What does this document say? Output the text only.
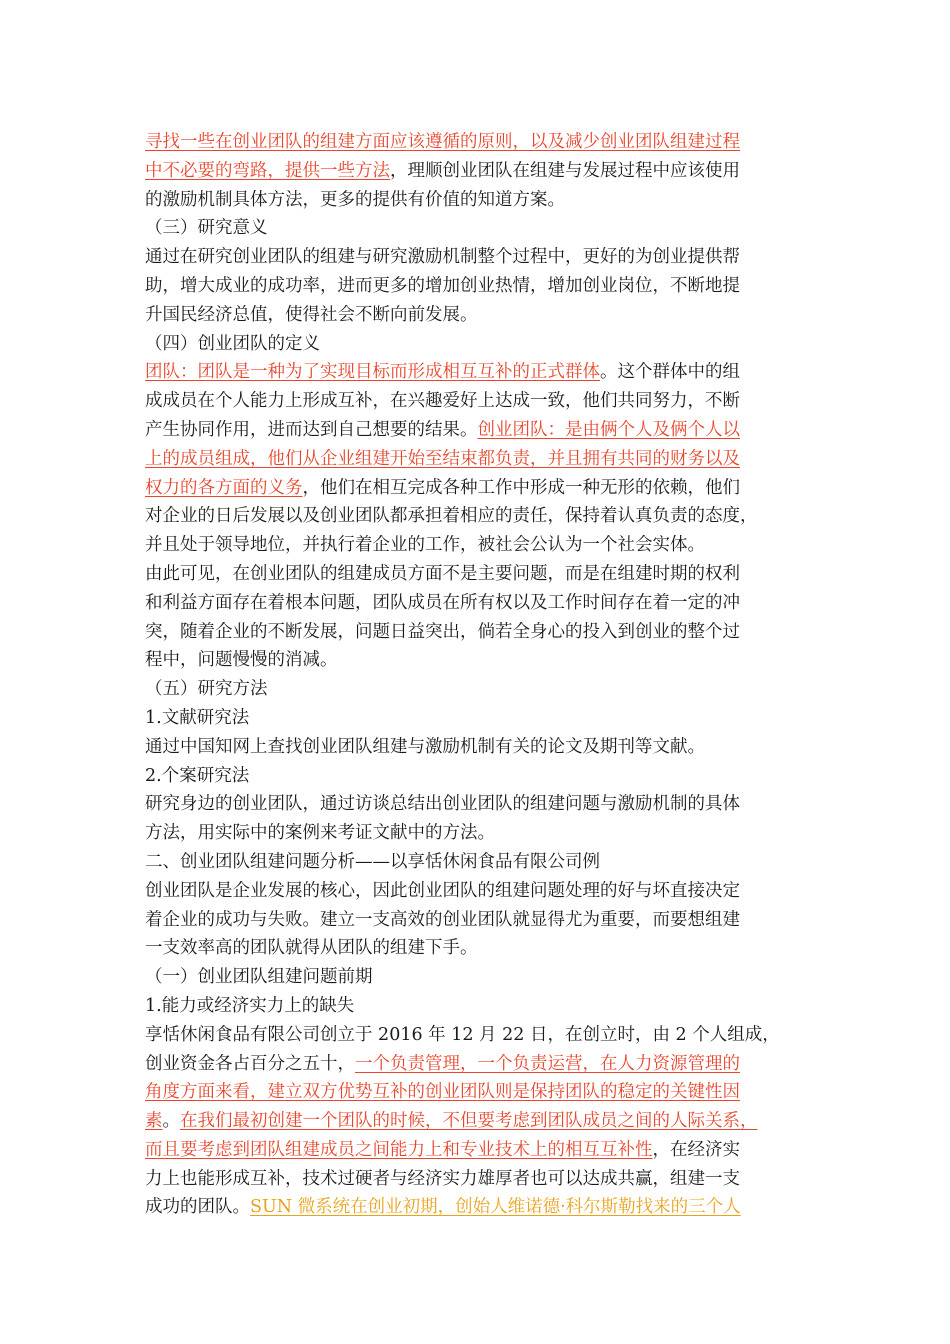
寻找一些在创业团队的组建方面应该遵循的原则，以及减少创业团队组建过程
中不必要的弯路，提供一些方法，理顺创业团队在组建与发展过程中应该使用
的激励机制具体方法，更多的提供有价值的知道方案。
（三）研究意义
通过在研究创业团队的组建与研究激励机制整个过程中，更好的为创业提供帮
助，增大成业的成功率，进而更多的增加创业热情，增加创业岗位，不断地提
升国民经济总值，使得社会不断向前发展。
（四）创业团队的定义
团队：团队是一种为了实现目标而形成相互互补的正式群体。这个群体中的组
成成员在个人能力上形成互补，在兴趣爱好上达成一致，他们共同努力，不断
产生协同作用，进而达到自己想要的结果。创业团队：是由俩个人及俩个人以
上的成员组成，他们从企业组建开始至结束都负责，并且拥有共同的财务以及
权力的各方面的义务，他们在相互完成各种工作中形成一种无形的依赖，他们
对企业的日后发展以及创业团队都承担着相应的责任，保持着认真负责的态度，
并且处于领导地位，并执行着企业的工作，被社会公认为一个社会实体。
由此可见，在创业团队的组建成员方面不是主要问题，而是在组建时期的权利
和利益方面存在着根本问题，团队成员在所有权以及工作时间存在着一定的冲
突，随着企业的不断发展，问题日益突出，倘若全身心的投入到创业的整个过
程中，问题慢慢的消减。
（五）研究方法
1.文献研究法
通过中国知网上查找创业团队组建与激励机制有关的论文及期刊等文献。
2.个案研究法
研究身边的创业团队，通过访谈总结出创业团队的组建问题与激励机制的具体
方法，用实际中的案例来考证文献中的方法。
二、创业团队组建问题分析——以享恬休闲食品有限公司例
创业团队是企业发展的核心，因此创业团队的组建问题处理的好与坏直接决定
着企业的成功与失败。建立一支高效的创业团队就显得尤为重要，而要想组建
一支效率高的团队就得从团队的组建下手。
（一）创业团队组建问题前期
1.能力或经济实力上的缺失
享恬休闲食品有限公司创立于 2016 年 12 月 22 日，在创立时，由 2 个人组成，
创业资金各占百分之五十，一个负责管理，一个负责运营，在人力资源管理的
角度方面来看，建立双方优势互补的创业团队则是保持团队的稳定的关键性因
素。在我们最初创建一个团队的时候，不但要考虑到团队成员之间的人际关系，
而且要考虑到团队组建成员之间能力上和专业技术上的相互互补性，在经济实
力上也能形成互补，技术过硬者与经济实力雄厚者也可以达成共赢，组建一支
成功的团队。SUN 微系统在创业初期，创始人维诺德·科尔斯勒找来的三个人
